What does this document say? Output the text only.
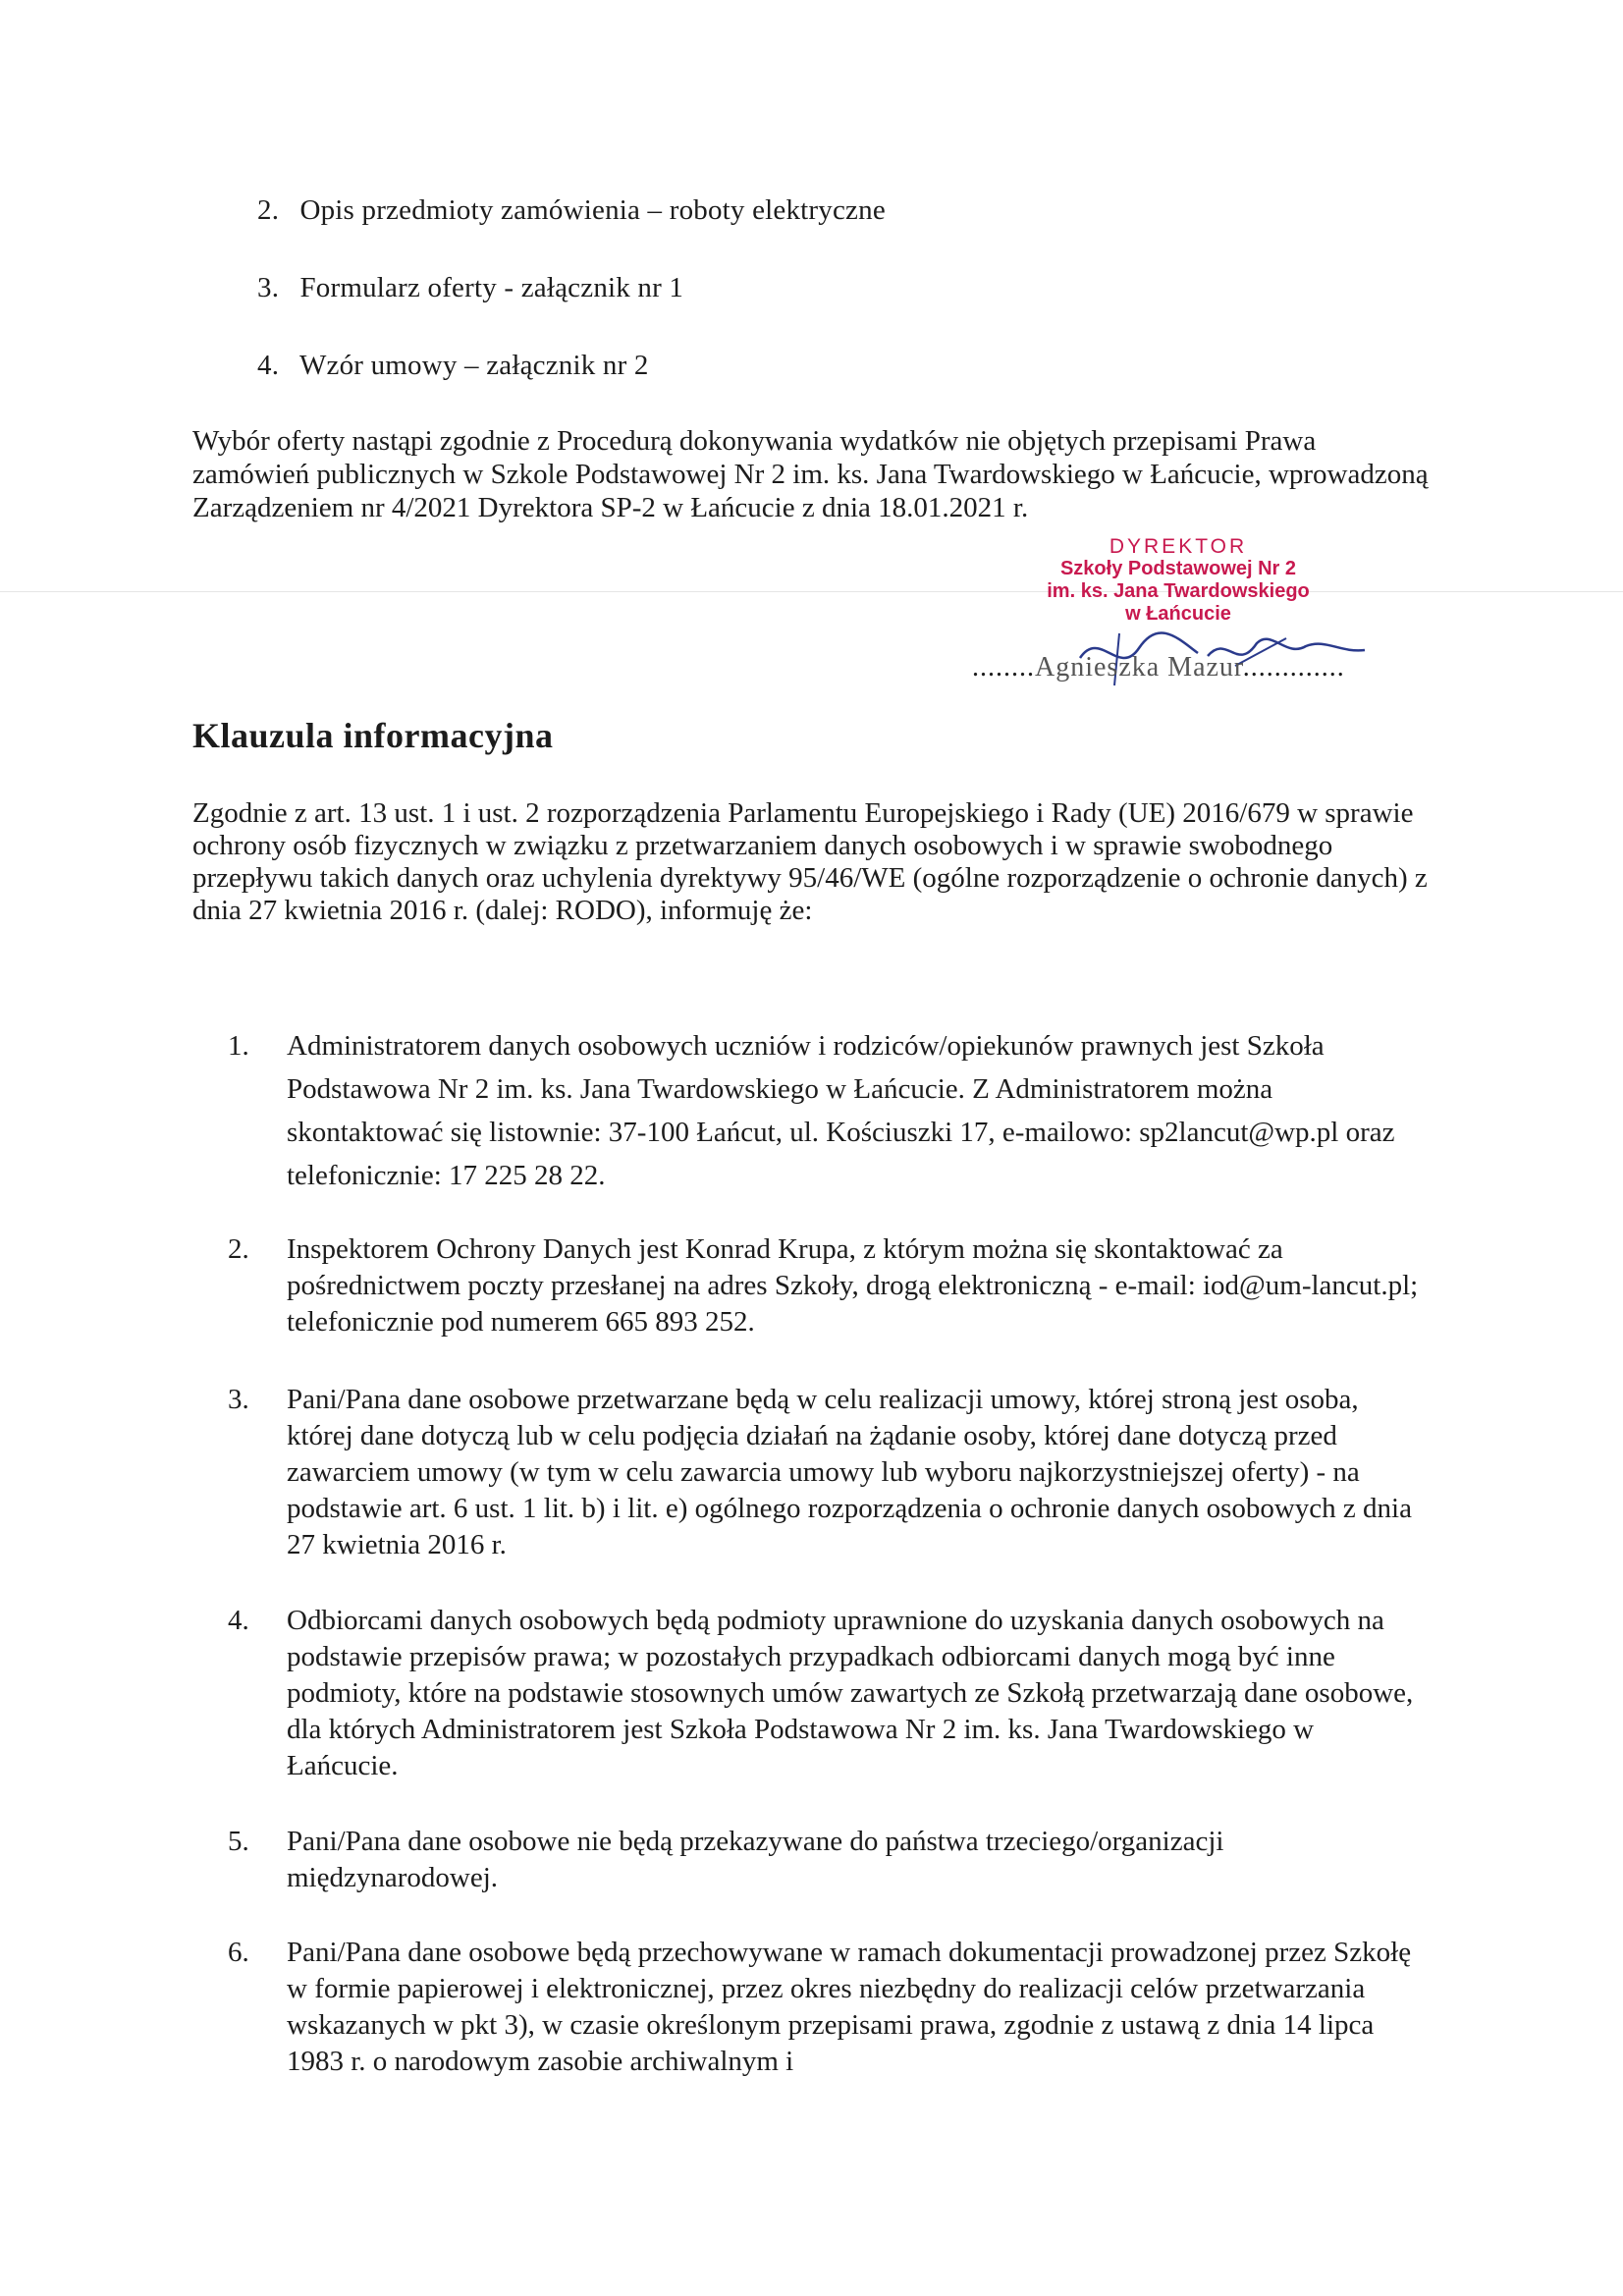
2. Opis przedmioty zamówienia – roboty elektryczne
3. Formularz oferty - załącznik nr 1
4. Wzór umowy – załącznik nr 2
Wybór oferty nastąpi zgodnie z Procedurą dokonywania wydatków nie objętych przepisami Prawa zamówień publicznych w Szkole Podstawowej Nr 2 im. ks. Jana Twardowskiego w Łańcucie, wprowadzoną Zarządzeniem nr 4/2021 Dyrektora SP-2 w Łańcucie z dnia 18.01.2021 r.
DYREKTOR
Szkoły Podstawowej Nr 2
im. ks. Jana Twardowskiego
w Łańcucie
........Agnieszka Mazur.............
Klauzula informacyjna
Zgodnie z art. 13 ust. 1 i ust. 2 rozporządzenia Parlamentu Europejskiego i Rady (UE) 2016/679 w sprawie ochrony osób fizycznych w związku z przetwarzaniem danych osobowych i w sprawie swobodnego przepływu takich danych oraz uchylenia dyrektywy 95/46/WE (ogólne rozporządzenie o ochronie danych) z dnia 27 kwietnia 2016 r. (dalej: RODO), informuję że:
1.	Administratorem danych osobowych uczniów i rodziców/opiekunów prawnych jest Szkoła Podstawowa Nr 2 im. ks. Jana Twardowskiego w Łańcucie. Z Administratorem można skontaktować się listownie: 37-100 Łańcut, ul. Kościuszki 17, e-mailowo: sp2lancut@wp.pl oraz telefonicznie: 17 225 28 22.
2.	Inspektorem Ochrony Danych jest Konrad Krupa, z którym można się skontaktować za pośrednictwem poczty przesłanej na adres Szkoły, drogą elektroniczną - e-mail: iod@um-lancut.pl; telefonicznie pod numerem 665 893 252.
3.	Pani/Pana dane osobowe przetwarzane będą w celu realizacji umowy, której stroną jest osoba, której dane dotyczą lub w celu podjęcia działań na żądanie osoby, której dane dotyczą przed zawarciem umowy (w tym w celu zawarcia umowy lub wyboru najkorzystniejszej oferty) - na podstawie art. 6 ust. 1 lit. b) i lit. e) ogólnego rozporządzenia o ochronie danych osobowych z dnia 27 kwietnia 2016 r.
4.	Odbiorcami danych osobowych będą podmioty uprawnione do uzyskania danych osobowych na podstawie przepisów prawa; w pozostałych przypadkach odbiorcami danych mogą być inne podmioty, które na podstawie stosownych umów zawartych ze Szkołą przetwarzają dane osobowe, dla których Administratorem jest Szkoła Podstawowa Nr 2 im. ks. Jana Twardowskiego w Łańcucie.
5.	Pani/Pana dane osobowe nie będą przekazywane do państwa trzeciego/organizacji międzynarodowej.
6.	Pani/Pana dane osobowe będą przechowywane w ramach dokumentacji prowadzonej przez Szkołę w formie papierowej i elektronicznej, przez okres niezbędny do realizacji celów przetwarzania wskazanych w pkt 3), w czasie określonym przepisami prawa, zgodnie z ustawą z dnia 14 lipca 1983 r. o narodowym zasobie archiwalnym i
